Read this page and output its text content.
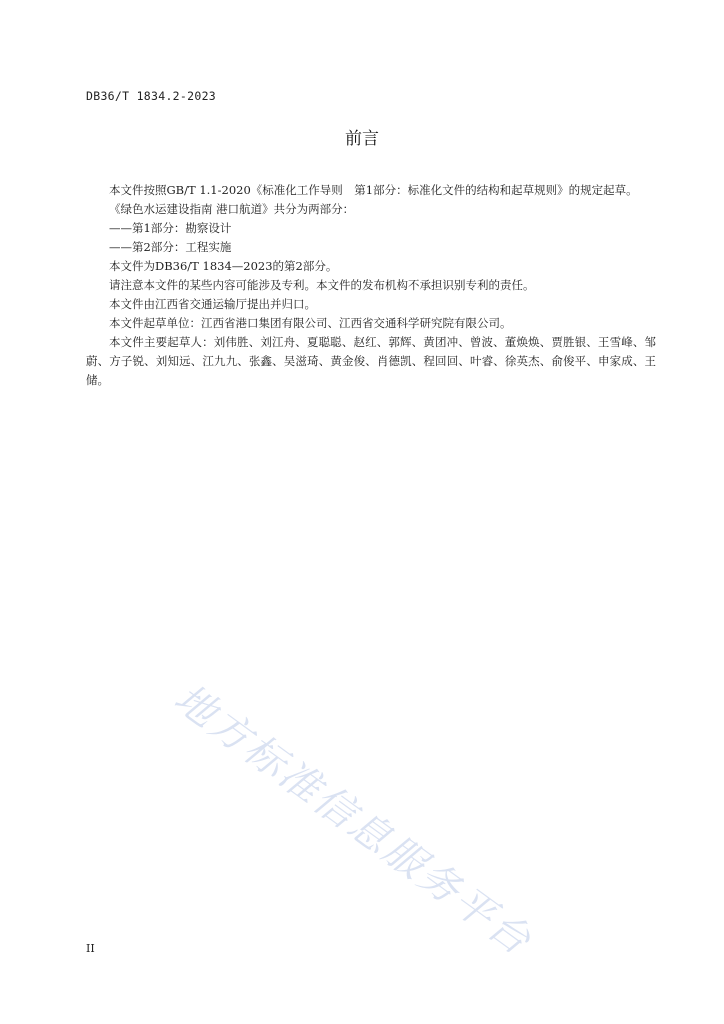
DB36/T 1834.2-2023
前言

本文件按照GB/T 1.1-2020《标准化工作导则　第1部分：标准化文件的结构和起草规则》的规定起草。

《绿色水运建设指南 港口航道》共分为两部分：

——第1部分：勘察设计

——第2部分：工程实施

本文件为DB36/T 1834—2023的第2部分。

请注意本文件的某些内容可能涉及专利。本文件的发布机构不承担识别专利的责任。

本文件由江西省交通运输厅提出并归口。

本文件起草单位：江西省港口集团有限公司、江西省交通科学研究院有限公司。

本文件主要起草人：刘伟胜、刘江舟、夏聪聪、赵红、郭辉、黄团冲、曾波、董焕焕、贾胜银、王雪峰、邹蔚、方子锐、刘知远、江九九、张鑫、吴滋琦、黄金俊、肖德凯、程回回、叶睿、徐英杰、俞俊平、申家成、王储。

地方标准信息服务平台
II
